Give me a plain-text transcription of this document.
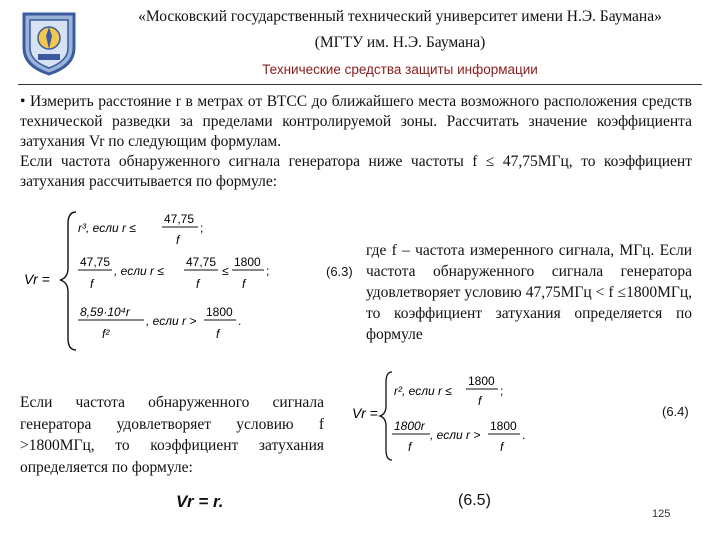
«Московский государственный технический университет имени Н.Э. Баумана»
(МГТУ им. Н.Э. Баумана)
Технические средства защиты информации

• Измерить расстояние r в метрах от ВТСС до ближайшего места возможного расположения средств технической разведки за пределами контролируемой зоны. Рассчитать значение коэффициента затухания Vr по следующим формулам.

Если частота обнаруженного сигнала генератора ниже частоты f ≤ 47,75МГц, то коэффициент затухания рассчитывается по формуле:

Vr =
r³, если r ≤
47,75
f
;
47,75
f
, если r ≤
47,75
f
≤
1800
f
;
8,59·10⁴r
f²
, если r >
1800
f
.
(6.3)
где f – частота измеренного сигнала, МГц. Если частота обнаруженного сигнала генератора удовлетворяет условию 47,75МГц < f ≤1800МГц, то коэффициент затухания определяется по формуле
Vr =
r², если r ≤
1800
f
;
1800r
f
, если r >
1800
f
.
(6.4)
Если частота обнаруженного сигнала генератора удовлетворяет условию f >1800МГц, то коэффициент затухания определяется по формуле:
Vr = r.	(6.5)
125
